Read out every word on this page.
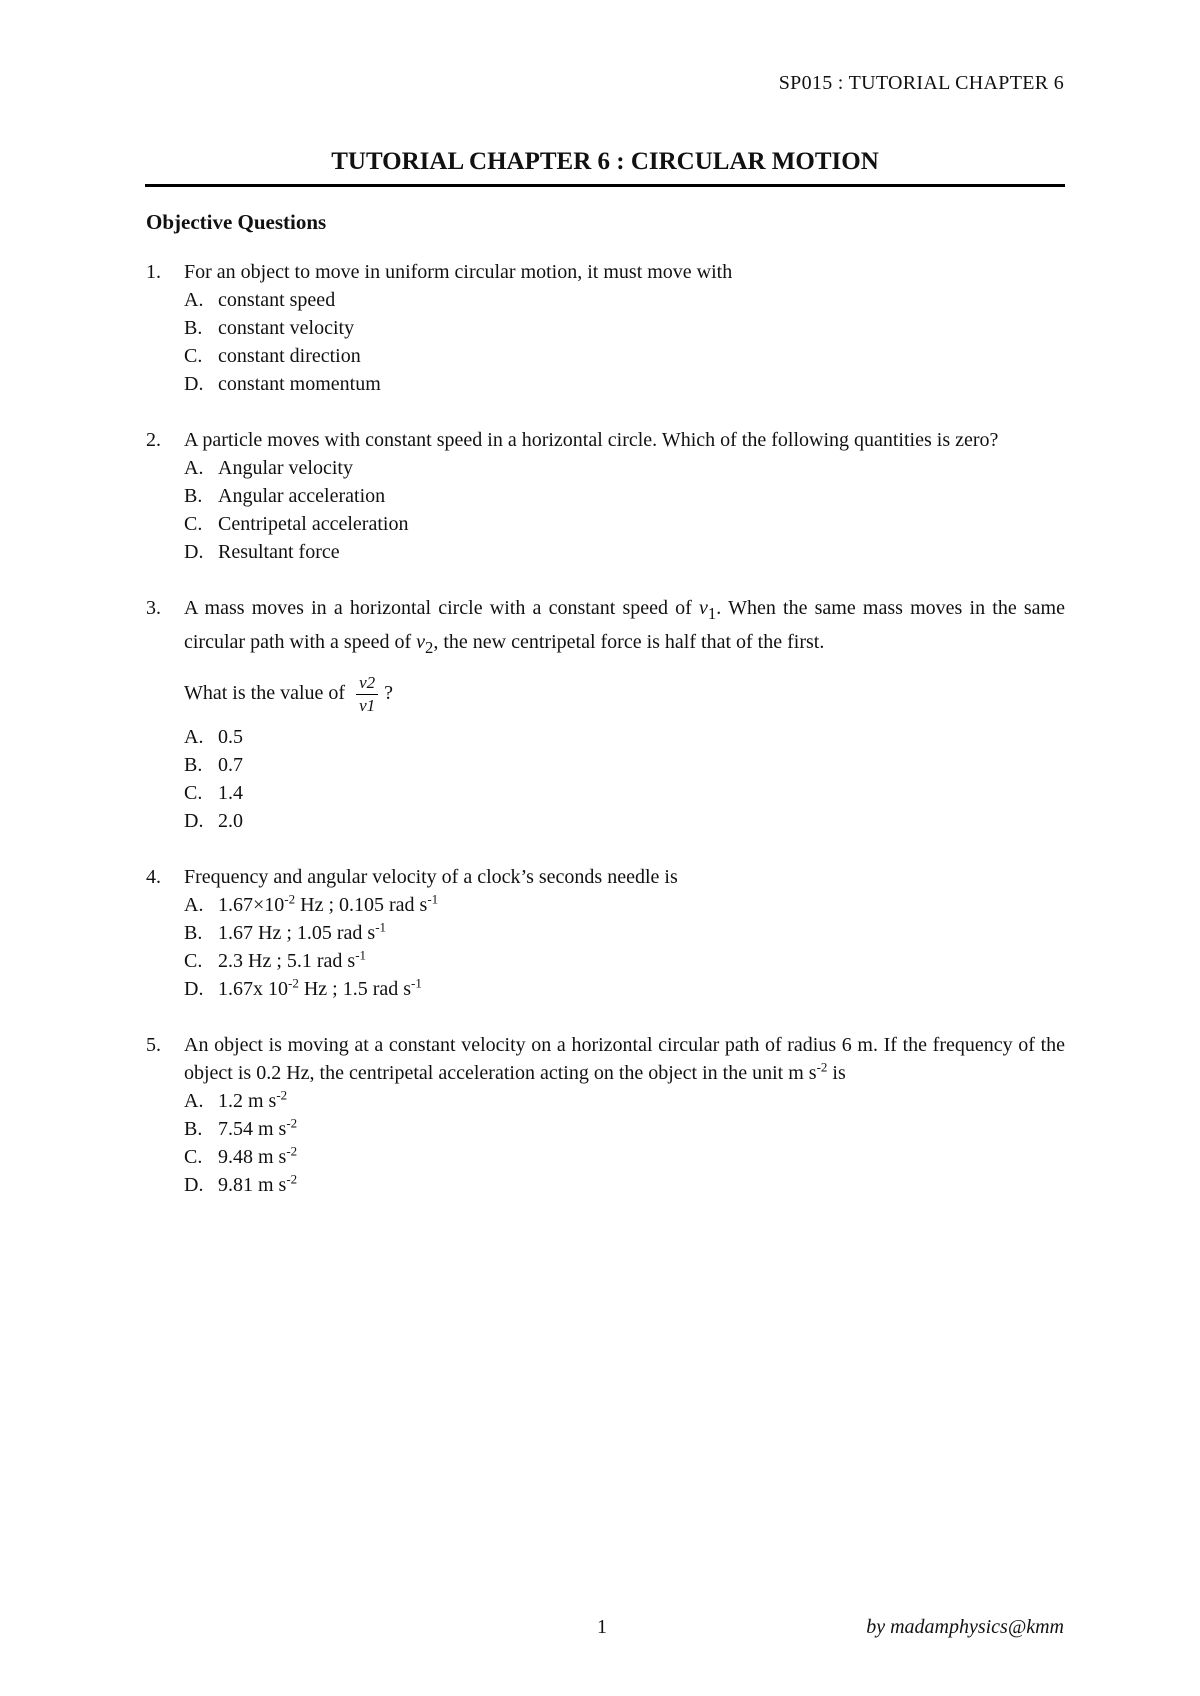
SP015 : TUTORIAL CHAPTER 6
TUTORIAL CHAPTER 6 : CIRCULAR MOTION
Objective Questions
1.	For an object to move in uniform circular motion, it must move with
A. constant speed
B. constant velocity
C. constant direction
D. constant momentum
2.	A particle moves with constant speed in a horizontal circle. Which of the following quantities is zero?
A. Angular velocity
B. Angular acceleration
C. Centripetal acceleration
D. Resultant force
3.	A mass moves in a horizontal circle with a constant speed of $v_1$. When the same mass moves in the same circular path with a speed of $v_2$, the new centripetal force is half that of the first.
What is the value of $\frac{v2}{v1}$ ?
A. 0.5
B. 0.7
C. 1.4
D. 2.0
4.	Frequency and angular velocity of a clock’s seconds needle is
A. $1.67\times 10^{-2}$ Hz ; 0.105 rad $s^{-1}$
B. 1.67 Hz ; 1.05 rad $s^{-1}$
C. 2.3 Hz ; 5.1 rad $s^{-1}$
D. 1.67x $10^{-2}$ Hz ; 1.5 rad $s^{-1}$
5.	An object is moving at a constant velocity on a horizontal circular path of radius 6 m. If the frequency of the object is 0.2 Hz, the centripetal acceleration acting on the object in the unit m $s^{-2}$ is
A. 1.2 m $s^{-2}$
B. 7.54 m $s^{-2}$
C. 9.48 m $s^{-2}$
D. 9.81 m $s^{-2}$
1	by madamphysics@kmm
